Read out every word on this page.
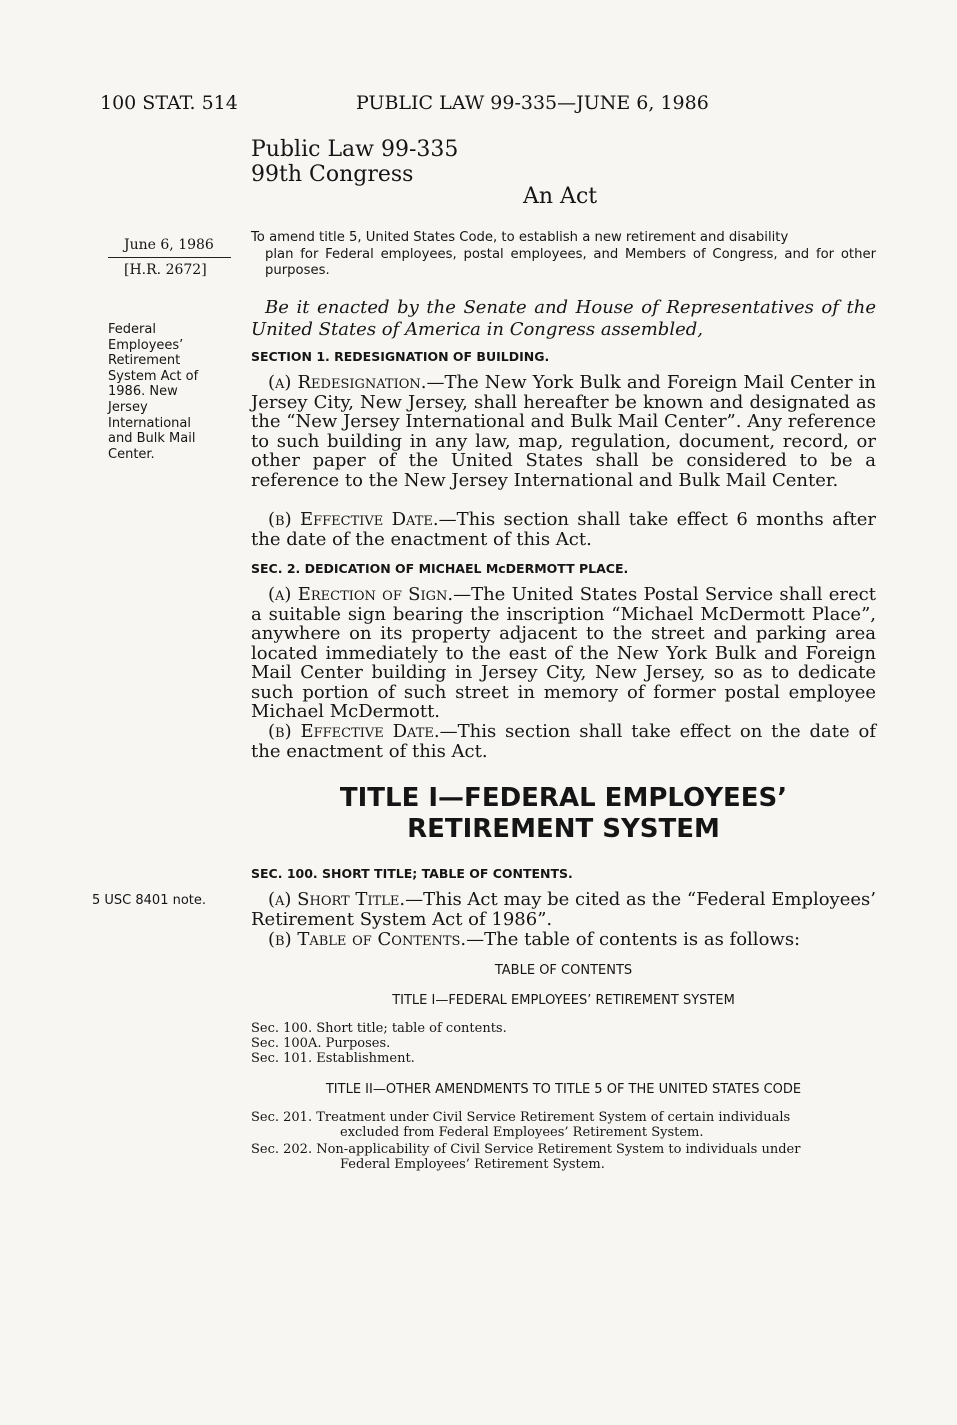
100 STAT. 514	PUBLIC LAW 99-335—JUNE 6, 1986
Public Law 99-335
99th Congress
An Act
June 6, 1986
[H.R. 2672]
To amend title 5, United States Code, to establish a new retirement and disability
plan for Federal employees, postal employees, and Members of Congress, and for other purposes.

Be it enacted by the Senate and House of Representatives of the United States of America in Congress assembled,

Federal Employees’ Retirement System Act of 1986. New Jersey International and Bulk Mail Center.
SECTION 1. REDESIGNATION OF BUILDING.

(a) Redesignation.—The New York Bulk and Foreign Mail Center in Jersey City, New Jersey, shall hereafter be known and designated as the “New Jersey International and Bulk Mail Center”. Any reference to such building in any law, map, regulation, document, record, or other paper of the United States shall be considered to be a reference to the New Jersey International and Bulk Mail Center.

(b) Effective Date.—This section shall take effect 6 months after the date of the enactment of this Act.

SEC. 2. DEDICATION OF MICHAEL McDERMOTT PLACE.

(a) Erection of Sign.—The United States Postal Service shall erect a suitable sign bearing the inscription “Michael McDermott Place”, anywhere on its property adjacent to the street and parking area located immediately to the east of the New York Bulk and Foreign Mail Center building in Jersey City, New Jersey, so as to dedicate such portion of such street in memory of former postal employee Michael McDermott.

(b) Effective Date.—This section shall take effect on the date of the enactment of this Act.

TITLE I—FEDERAL EMPLOYEES’
RETIREMENT SYSTEM
SEC. 100. SHORT TITLE; TABLE OF CONTENTS.
5 USC 8401 note.	(a) Short Title.—This Act may be cited as the “Federal Employees’ Retirement System Act of 1986”.

(b) Table of Contents.—The table of contents is as follows:

TABLE OF CONTENTS
TITLE I—FEDERAL EMPLOYEES’ RETIREMENT SYSTEM
Sec. 100. Short title; table of contents.
Sec. 100A. Purposes.
Sec. 101. Establishment.
TITLE II—OTHER AMENDMENTS TO TITLE 5 OF THE UNITED STATES CODE
Sec. 201. Treatment under Civil Service Retirement System of certain individuals
excluded from Federal Employees’ Retirement System.
Sec. 202. Non-applicability of Civil Service Retirement System to individuals under
Federal Employees’ Retirement System.
